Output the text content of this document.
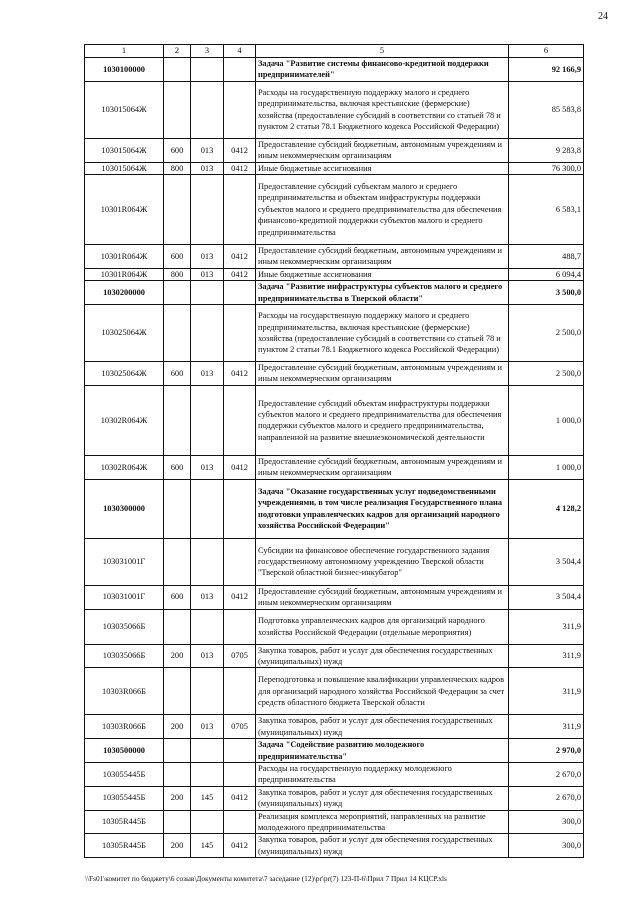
24
1	2	3	4	5	6
1030100000				Задача "Развитие системы финансово-кредитной поддержки предпринимателей"	92 166,9
103015064Ж				Расходы на государственную поддержку малого и среднего предпринимательства, включая крестьянские (фермерские) хозяйства (предоставление субсидий в соответствии со статьей 78 и пунктом 2 статьи 78.1 Бюджетного кодекса Российской Федерации)	85 583,8
103015064Ж	600	013	0412	Предоставление субсидий бюджетным, автономным учреждениям и иным некоммерческим организациям	9 283,8
103015064Ж	800	013	0412	Иные бюджетные ассигнования	76 300,0
10301R064Ж				Предоставление субсидий субъектам малого и среднего предпринимательства и объектам инфраструктуры поддержки субъектов малого и среднего предпринимательства для обеспечения финансово-кредитной поддержки субъектов малого и среднего предпринимательства	6 583,1
10301R064Ж	600	013	0412	Предоставление субсидий бюджетным, автономным учреждениям и иным некоммерческим организациям	488,7
10301R064Ж	800	013	0412	Иные бюджетные ассигнования	6 094,4
1030200000				Задача "Развитие инфраструктуры субъектов малого и среднего предпринимательства в Тверской области"	3 500,0
103025064Ж				Расходы на государственную поддержку малого и среднего предпринимательства, включая крестьянские (фермерские) хозяйства (предоставление субсидий в соответствии со статьей 78 и пунктом 2 статьи 78.1 Бюджетного кодекса Российской Федерации)	2 500,0
103025064Ж	600	013	0412	Предоставление субсидий бюджетным, автономным учреждениям и иным некоммерческим организациям	2 500,0
10302R064Ж				Предоставление субсидий объектам инфраструктуры поддержки субъектов малого и среднего предпринимательства для обеспечения поддержки субъектов малого и среднего предпринимательства, направленной на развитие внешнеэкономической деятельности	1 000,0
10302R064Ж	600	013	0412	Предоставление субсидий бюджетным, автономным учреждениям и иным некоммерческим организациям	1 000,0
1030300000				Задача "Оказание государственных услуг подведомственными учреждениями, в том числе реализация Государственного плана подготовки управленческих кадров для организаций народного хозяйства Российской Федерации"	4 128,2
103031001Г				Субсидии на финансовое обеспечение государственного задания государственному автономному учреждению Тверской области "Тверской областной бизнес-инкубатор"	3 504,4
103031001Г	600	013	0412	Предоставление субсидий бюджетным, автономным учреждениям и иным некоммерческим организациям	3 504,4
103035066Б				Подготовка управленческих кадров для организаций народного хозяйства Российской Федерации (отдельные мероприятия)	311,9
103035066Б	200	013	0705	Закупка товаров, работ и услуг для обеспечения государственных (муниципальных) нужд	311,9
10303R066Б				Переподготовка и повышение квалификации управленческих кадров для организаций народного хозяйства Российской Федерации за счет средств областного бюджета Тверской области	311,9
10303R066Б	200	013	0705	Закупка товаров, работ и услуг для обеспечения государственных (муниципальных) нужд	311,9
1030500000				Задача "Содействие развитию молодежного предпринимательства"	2 970,0
103055445Б				Расходы на государственную поддержку молодежного предпринимательства	2 670,0
103055445Б	200	145	0412	Закупка товаров, работ и услуг для обеспечения государственных (муниципальных) нужд	2 670,0
10305R445Б				Реализация комплекса мероприятий, направленных на развитие молодежного предпринимательства	300,0
10305R445Б	200	145	0412	Закупка товаров, работ и услуг для обеспечения государственных (муниципальных) нужд	300,0
\\Fs01\комитет по бюджету\6 созыв\Документы комитета\7 заседание (12)\pr\pr(7) 123-П-6\Прил 7 Прил 14 КЦСР.xls
